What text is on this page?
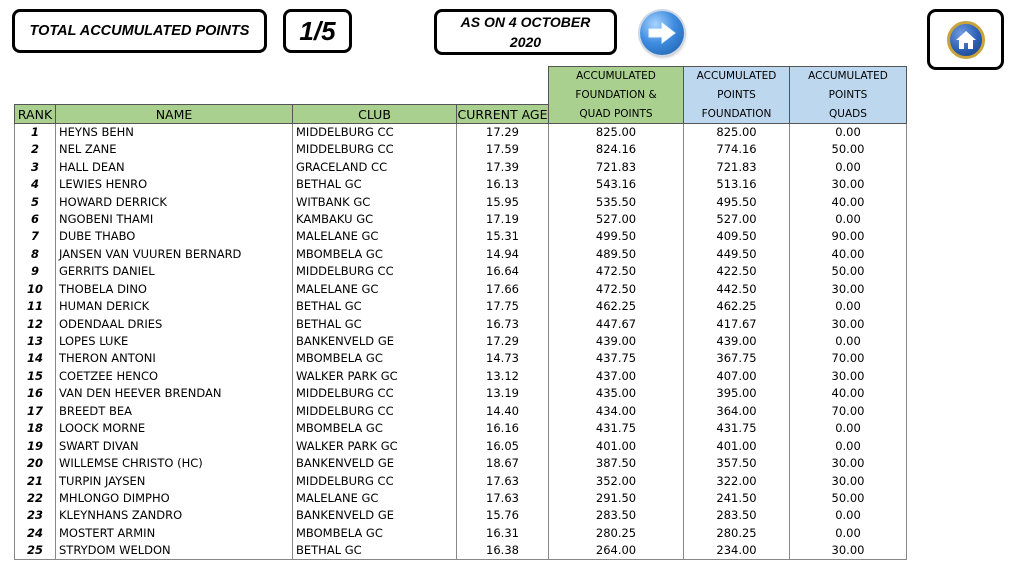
TOTAL ACCUMULATED POINTS 1/5	AS ON 4 OCTOBER
2020
				ACCUMULATED	ACCUMULATED	ACCUMULATED
				FOUNDATION &	POINTS	POINTS
RANK	NAME	CLUB	CURRENT AGE	QUAD POINTS	FOUNDATION	QUADS
1	HEYNS BEHN	MIDDELBURG CC	17.29	825.00	825.00	0.00
2	NEL ZANE	MIDDELBURG CC	17.59	824.16	774.16	50.00
3	HALL DEAN	GRACELAND CC	17.39	721.83	721.83	0.00
4	LEWIES HENRO	BETHAL GC	16.13	543.16	513.16	30.00
5	HOWARD DERRICK	WITBANK GC	15.95	535.50	495.50	40.00
6	NGOBENI THAMI	KAMBAKU GC	17.19	527.00	527.00	0.00
7	DUBE THABO	MALELANE GC	15.31	499.50	409.50	90.00
8	JANSEN VAN VUUREN BERNARD	MBOMBELA GC	14.94	489.50	449.50	40.00
9	GERRITS DANIEL	MIDDELBURG CC	16.64	472.50	422.50	50.00
10	THOBELA DINO	MALELANE GC	17.66	472.50	442.50	30.00
11	HUMAN DERICK	BETHAL GC	17.75	462.25	462.25	0.00
12	ODENDAAL DRIES	BETHAL GC	16.73	447.67	417.67	30.00
13	LOPES LUKE	BANKENVELD GE	17.29	439.00	439.00	0.00
14	THERON ANTONI	MBOMBELA GC	14.73	437.75	367.75	70.00
15	COETZEE HENCO	WALKER PARK GC	13.12	437.00	407.00	30.00
16	VAN DEN HEEVER BRENDAN	MIDDELBURG CC	13.19	435.00	395.00	40.00
17	BREEDT BEA	MIDDELBURG CC	14.40	434.00	364.00	70.00
18	LOOCK MORNE	MBOMBELA GC	16.16	431.75	431.75	0.00
19	SWART DIVAN	WALKER PARK GC	16.05	401.00	401.00	0.00
20	WILLEMSE CHRISTO (HC)	BANKENVELD GE	18.67	387.50	357.50	30.00
21	TURPIN JAYSEN	MIDDELBURG CC	17.63	352.00	322.00	30.00
22	MHLONGO DIMPHO	MALELANE GC	17.63	291.50	241.50	50.00
23	KLEYNHANS ZANDRO	BANKENVELD GE	15.76	283.50	283.50	0.00
24	MOSTERT ARMIN	MBOMBELA GC	16.31	280.25	280.25	0.00
25	STRYDOM WELDON	BETHAL GC	16.38	264.00	234.00	30.00
